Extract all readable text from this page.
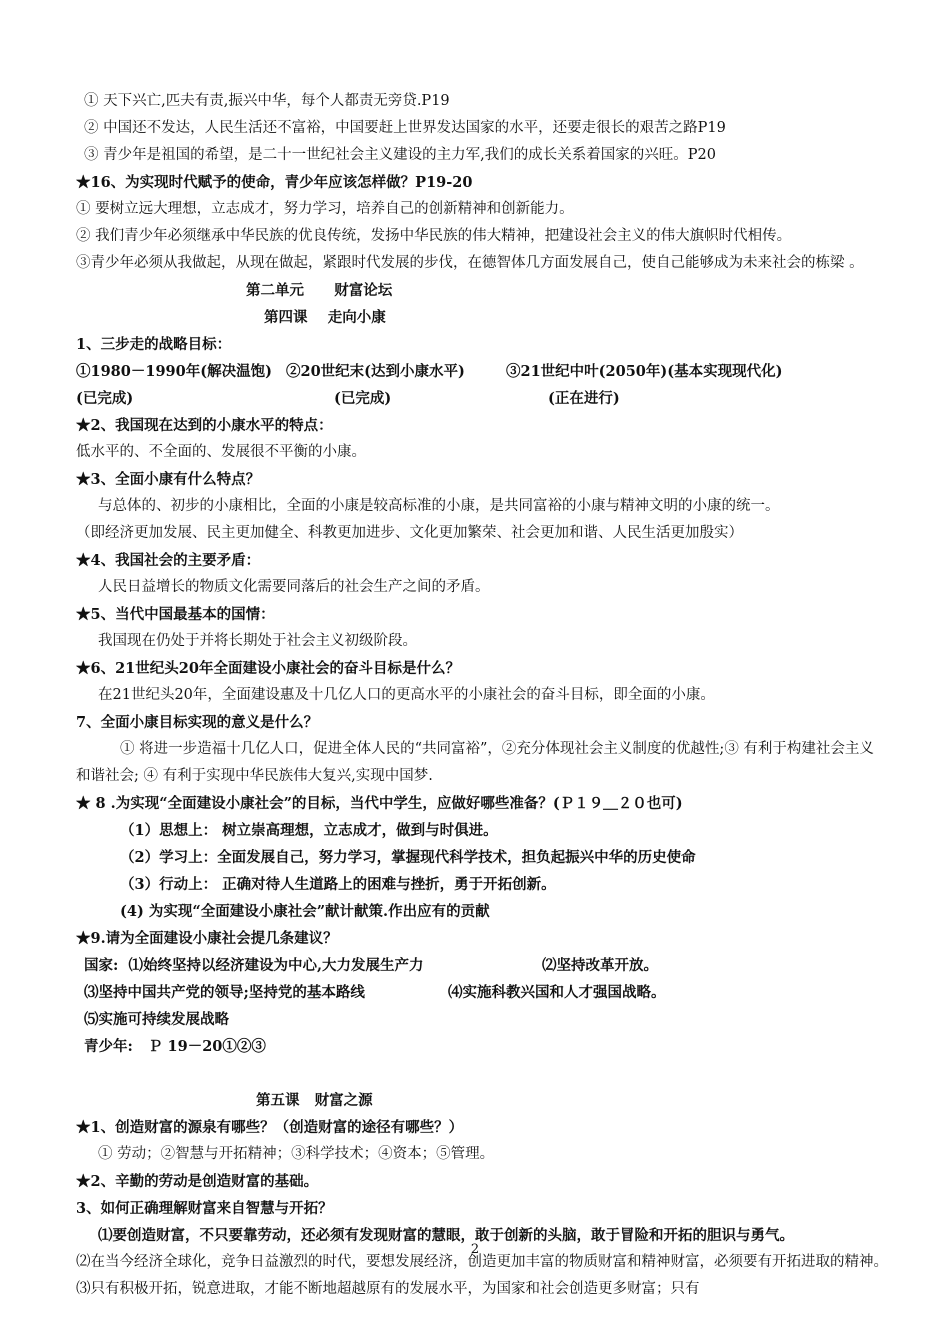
① 天下兴亡,匹夫有责,振兴中华，每个人都责无旁贷.P19

② 中国还不发达，人民生活还不富裕，中国要赶上世界发达国家的水平，还要走很长的艰苦之路P19

③ 青少年是祖国的希望，是二十一世纪社会主义建设的主力军,我们的成长关系着国家的兴旺。P20

★16、为实现时代赋予的使命，青少年应该怎样做？P19-20

① 要树立远大理想，立志成才，努力学习，培养自己的创新精神和创新能力。

② 我们青少年必须继承中华民族的优良传统，发扬中华民族的伟大精神，把建设社会主义的伟大旗帜时代相传。

③青少年必须从我做起，从现在做起，紧跟时代发展的步伐，在德智体几方面发展自己，使自己能够成为未来社会的栋梁 。

第二单元      财富论坛

第四课    走向小康

1、三步走的战略目标：

①1980－1990年(解决温饱) ②20世纪末(达到小康水平)	③21世纪中叶(2050年)(基本实现现代化)

(已完成)	(已完成)	(正在进行)

★2、我国现在达到的小康水平的特点：

低水平的、不全面的、发展很不平衡的小康。

★3、全面小康有什么特点？

与总体的、初步的小康相比，全面的小康是较高标准的小康，是共同富裕的小康与精神文明的小康的统一。

（即经济更加发展、民主更加健全、科教更加进步、文化更加繁荣、社会更加和谐、人民生活更加殷实）

★4、我国社会的主要矛盾：

人民日益增长的物质文化需要同落后的社会生产之间的矛盾。

★5、当代中国最基本的国情：

我国现在仍处于并将长期处于社会主义初级阶段。

★6、21世纪头20年全面建设小康社会的奋斗目标是什么？

在21世纪头20年，全面建设惠及十几亿人口的更高水平的小康社会的奋斗目标，即全面的小康。

7、全面小康目标实现的意义是什么？

① 将进一步造福十几亿人口，促进全体人民的“共同富裕”，②充分体现社会主义制度的优越性;③ 有利于构建社会主义和谐社会; ④ 有利于实现中华民族伟大复兴,实现中国梦.

★ 8 .为实现“全面建设小康社会”的目标，当代中学生，应做好哪些准备？(Ｐ１９＿２０也可)

（1）思想上： 树立崇高理想，立志成才，做到与时俱进。

（2）学习上：全面发展自己，努力学习，掌握现代科学技术，担负起振兴中华的历史使命

（3）行动上： 正确对待人生道路上的困难与挫折，勇于开拓创新。

(4) 为实现“全面建设小康社会”献计献策.作出应有的贡献

★9.请为全面建设小康社会提几条建议？

国家:  ⑴始终坚持以经济建设为中心,大力发展生产力	⑵坚持改革开放。

⑶坚持中国共产党的领导;坚持党的基本路线	⑷实施科教兴国和人才强国战略。

⑸实施可持续发展战略

青少年:   Ｐ 19－20①②③

第五课   财富之源

★1、创造财富的源泉有哪些？（创造财富的途径有哪些？）

① 劳动；②智慧与开拓精神；③科学技术；④资本；⑤管理。

★2、辛勤的劳动是创造财富的基础。

3、如何正确理解财富来自智慧与开拓？

⑴要创造财富，不只要靠劳动，还必须有发现财富的慧眼，敢于创新的头脑，敢于冒险和开拓的胆识与勇气。

⑵在当今经济全球化，竞争日益激烈的时代，要想发展经济，创造更加丰富的物质财富和精神财富，必须要有开拓进取的精神。⑶只有积极开拓，锐意进取，才能不断地超越原有的发展水平，为国家和社会创造更多财富；只有

2
